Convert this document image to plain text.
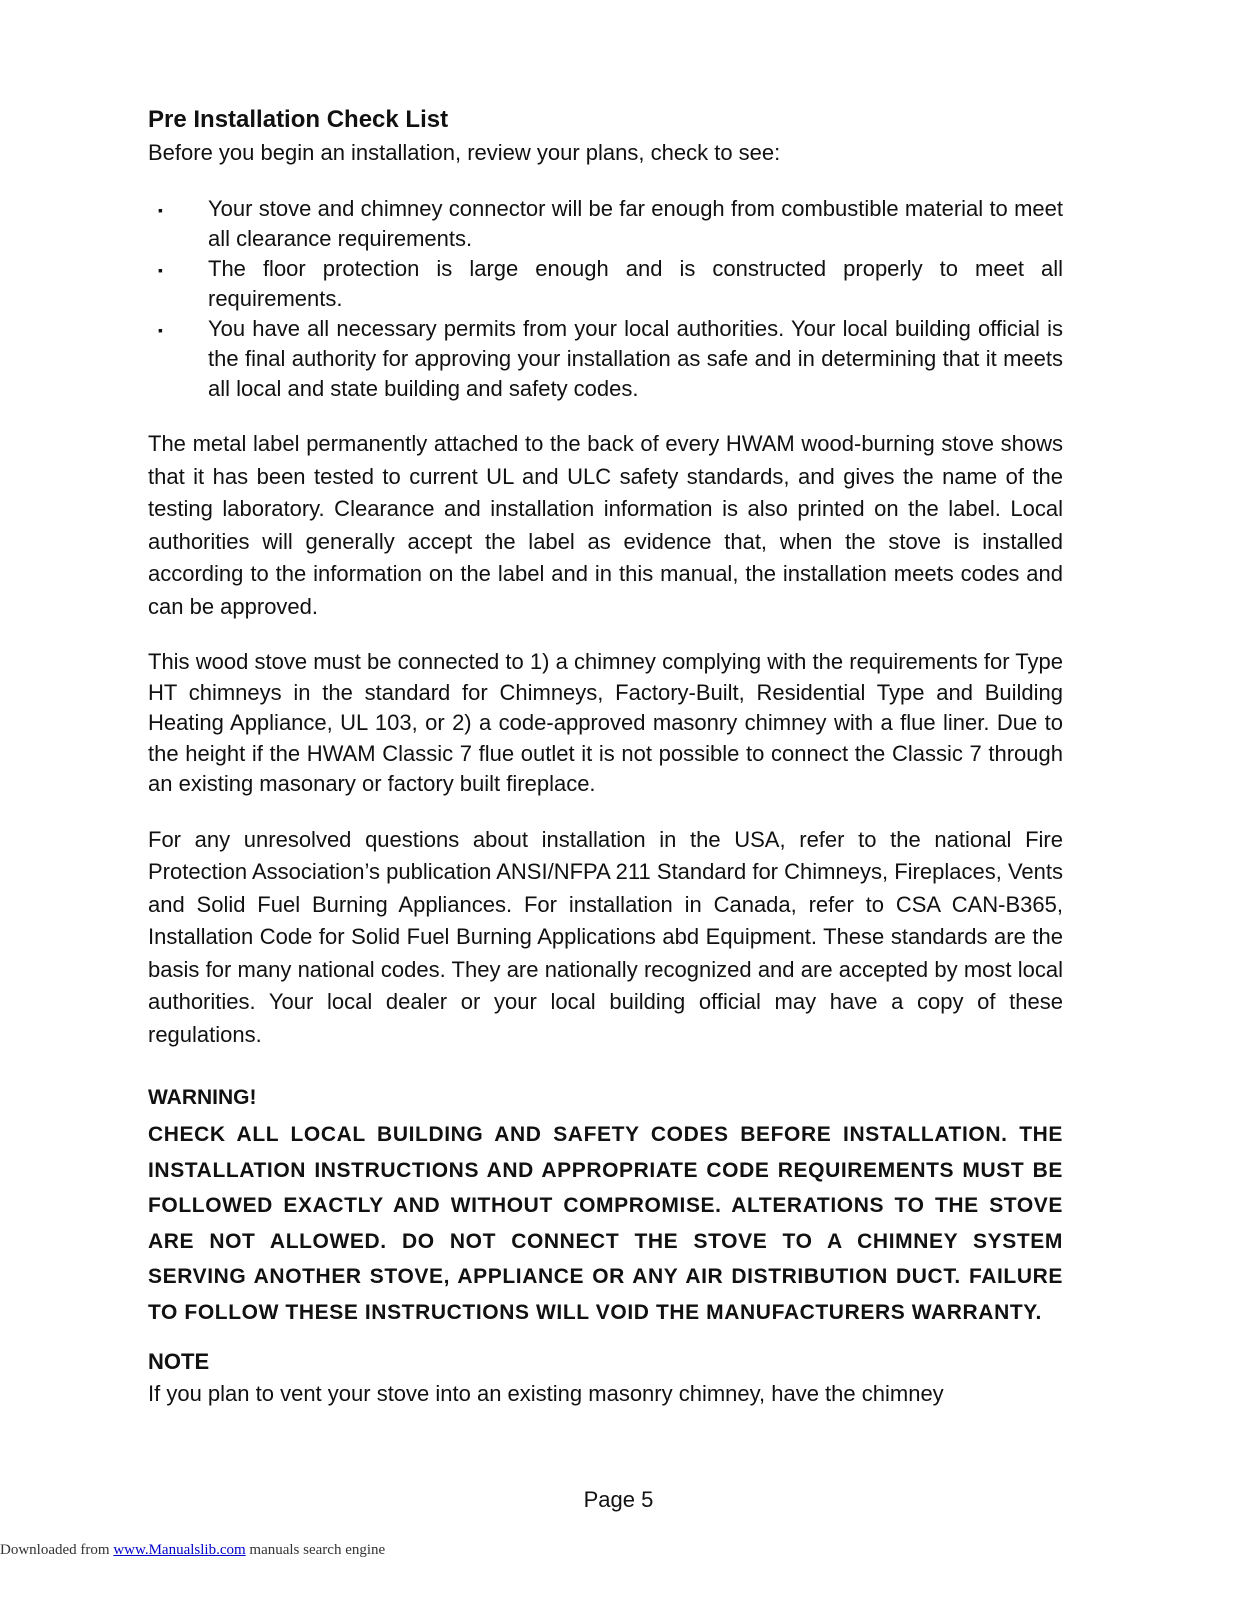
Pre Installation Check List
Before you begin an installation, review your plans, check to see:
▪ Your stove and chimney connector will be far enough from combustible material to meet all clearance requirements.
▪ The floor protection is large enough and is constructed properly to meet all requirements.
▪ You have all necessary permits from your local authorities. Your local building official is the final authority for approving your installation as safe and in determining that it meets all local and state building and safety codes.

The metal label permanently attached to the back of every HWAM wood-burning stove shows that it has been tested to current UL and ULC safety standards, and gives the name of the testing laboratory. Clearance and installation information is also printed on the label. Local authorities will generally accept the label as evidence that, when the stove is installed according to the information on the label and in this manual, the installation meets codes and can be approved.

This wood stove must be connected to 1) a chimney complying with the requirements for Type HT chimneys in the standard for Chimneys, Factory-Built, Residential Type and Building Heating Appliance, UL 103, or 2) a code-approved masonry chimney with a flue liner. Due to the height if the HWAM Classic 7 flue outlet it is not possible to connect the Classic 7 through an existing masonary or factory built fireplace.

For any unresolved questions about installation in the USA, refer to the national Fire Protection Association’s publication ANSI/NFPA 211 Standard for Chimneys, Fireplaces, Vents and Solid Fuel Burning Appliances. For installation in Canada, refer to CSA CAN-B365, Installation Code for Solid Fuel Burning Applications abd Equipment. These standards are the basis for many national codes. They are nationally recognized and are accepted by most local authorities. Your local dealer or your local building official may have a copy of these regulations.

WARNING!
CHECK ALL LOCAL BUILDING AND SAFETY CODES BEFORE INSTALLATION. THE INSTALLATION INSTRUCTIONS AND APPROPRIATE CODE REQUIREMENTS MUST BE FOLLOWED EXACTLY AND WITHOUT COMPROMISE. ALTERATIONS TO THE STOVE ARE NOT ALLOWED. DO NOT CONNECT THE STOVE TO A CHIMNEY SYSTEM SERVING ANOTHER STOVE, APPLIANCE OR ANY AIR DISTRIBUTION DUCT. FAILURE TO FOLLOW THESE INSTRUCTIONS WILL VOID THE MANUFACTURERS WARRANTY.
NOTE
If you plan to vent your stove into an existing masonry chimney, have the chimney
Page 5
Downloaded from www.Manualslib.com manuals search engine
